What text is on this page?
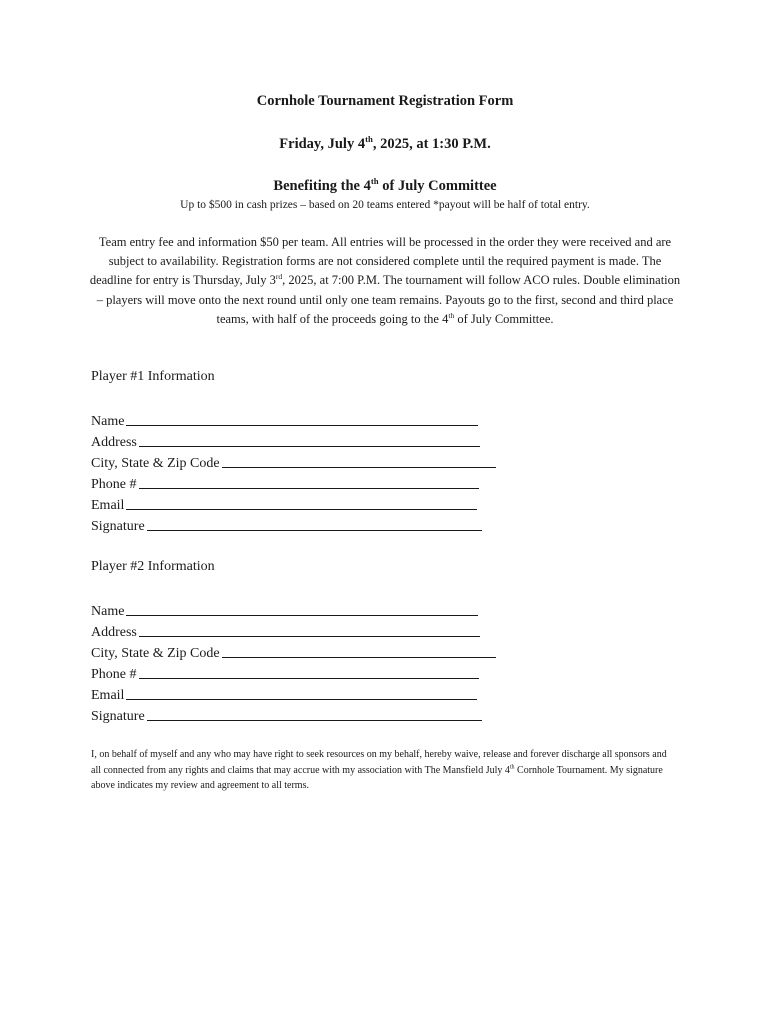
Cornhole Tournament Registration Form
Friday, July 4th, 2025, at 1:30 P.M.
Benefiting the 4th of July Committee
Up to $500 in cash prizes – based on 20 teams entered *payout will be half of total entry.
Team entry fee and information $50 per team. All entries will be processed in the order they were received and are subject to availability. Registration forms are not considered complete until the required payment is made. The deadline for entry is Thursday, July 3rd, 2025, at 7:00 P.M. The tournament will follow ACO rules. Double elimination – players will move onto the next round until only one team remains. Payouts go to the first, second and third place teams, with half of the proceeds going to the 4th of July Committee.
Player #1 Information
Name
Address
City, State & Zip Code
Phone #
Email
Signature
Player #2 Information
Name
Address
City, State & Zip Code
Phone #
Email
Signature
I, on behalf of myself and any who may have right to seek resources on my behalf, hereby waive, release and forever discharge all sponsors and all connected from any rights and claims that may accrue with my association with The Mansfield July 4th Cornhole Tournament. My signature above indicates my review and agreement to all terms.
